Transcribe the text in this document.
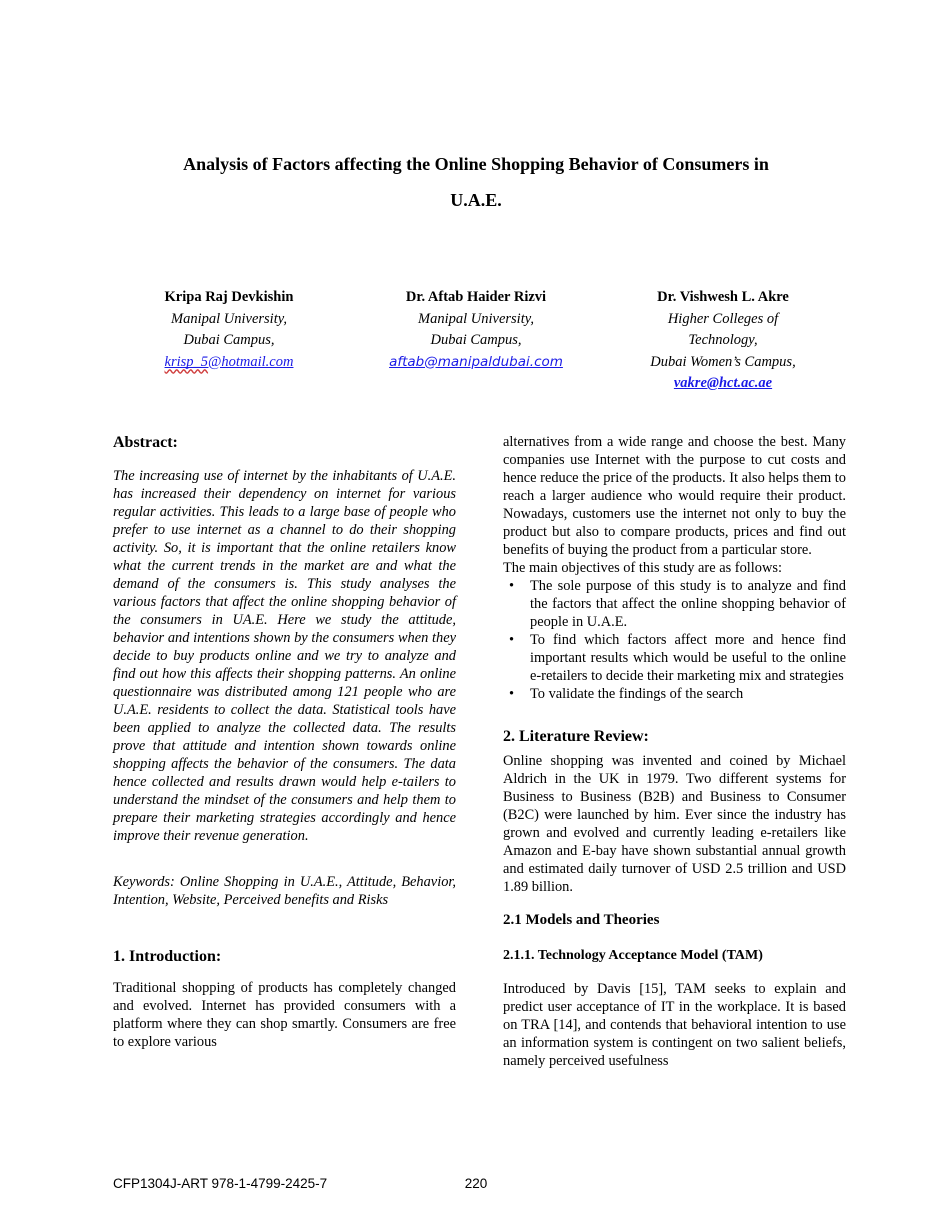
Analysis of Factors affecting the Online Shopping Behavior of Consumers in
U.A.E.
Kripa Raj Devkishin
Manipal University,
Dubai Campus,
krisp_5@hotmail.com
Dr. Aftab Haider Rizvi
Manipal University,
Dubai Campus,
aftab@manipaldubai.com
Dr. Vishwesh L. Akre
Higher Colleges of
Technology,
Dubai Women’s Campus,
vakre@hct.ac.ae
Abstract:

The increasing use of internet by the inhabitants of U.A.E. has increased their dependency on internet for various regular activities. This leads to a large base of people who prefer to use internet as a channel to do their shopping activity. So, it is important that the online retailers know what the current trends in the market are and what the demand of the consumers is. This study analyses the various factors that affect the online shopping behavior of the consumers in UA.E. Here we study the attitude, behavior and intentions shown by the consumers when they decide to buy products online and we try to analyze and find out how this affects their shopping patterns. An online questionnaire was distributed among 121 people who are U.A.E. residents to collect the data. Statistical tools have been applied to analyze the collected data. The results prove that attitude and intention shown towards online shopping affects the behavior of the consumers. The data hence collected and results drawn would help e-tailers to understand the mindset of the consumers and help them to prepare their marketing strategies accordingly and hence improve their revenue generation.

Keywords: Online Shopping in U.A.E., Attitude, Behavior, Intention, Website, Perceived benefits and Risks

1. Introduction:

Traditional shopping of products has completely changed and evolved. Internet has provided consumers with a platform where they can shop smartly. Consumers are free to explore various

alternatives from a wide range and choose the best. Many companies use Internet with the purpose to cut costs and hence reduce the price of the products. It also helps them to reach a larger audience who would require their product. Nowadays, customers use the internet not only to buy the product but also to compare products, prices and find out benefits of buying the product from a particular store.

The main objectives of this study are as follows:

• The sole purpose of this study is to analyze and find the factors that affect the online shopping behavior of people in U.A.E.
• To find which factors affect more and hence find important results which would be useful to the online e-retailers to decide their marketing mix and strategies
• To validate the findings of the search
2. Literature Review:

Online shopping was invented and coined by Michael Aldrich in the UK in 1979. Two different systems for Business to Business (B2B) and Business to Consumer (B2C) were launched by him. Ever since the industry has grown and evolved and currently leading e-retailers like Amazon and E-bay have shown substantial annual growth and estimated daily turnover of USD 2.5 trillion and USD 1.89 billion.

2.1 Models and Theories
2.1.1. Technology Acceptance Model (TAM)

Introduced by Davis [15], TAM seeks to explain and predict user acceptance of IT in the workplace. It is based on TRA [14], and contends that behavioral intention to use an information system is contingent on two salient beliefs, namely perceived usefulness

CFP1304J-ART 978-1-4799-2425-7	220
